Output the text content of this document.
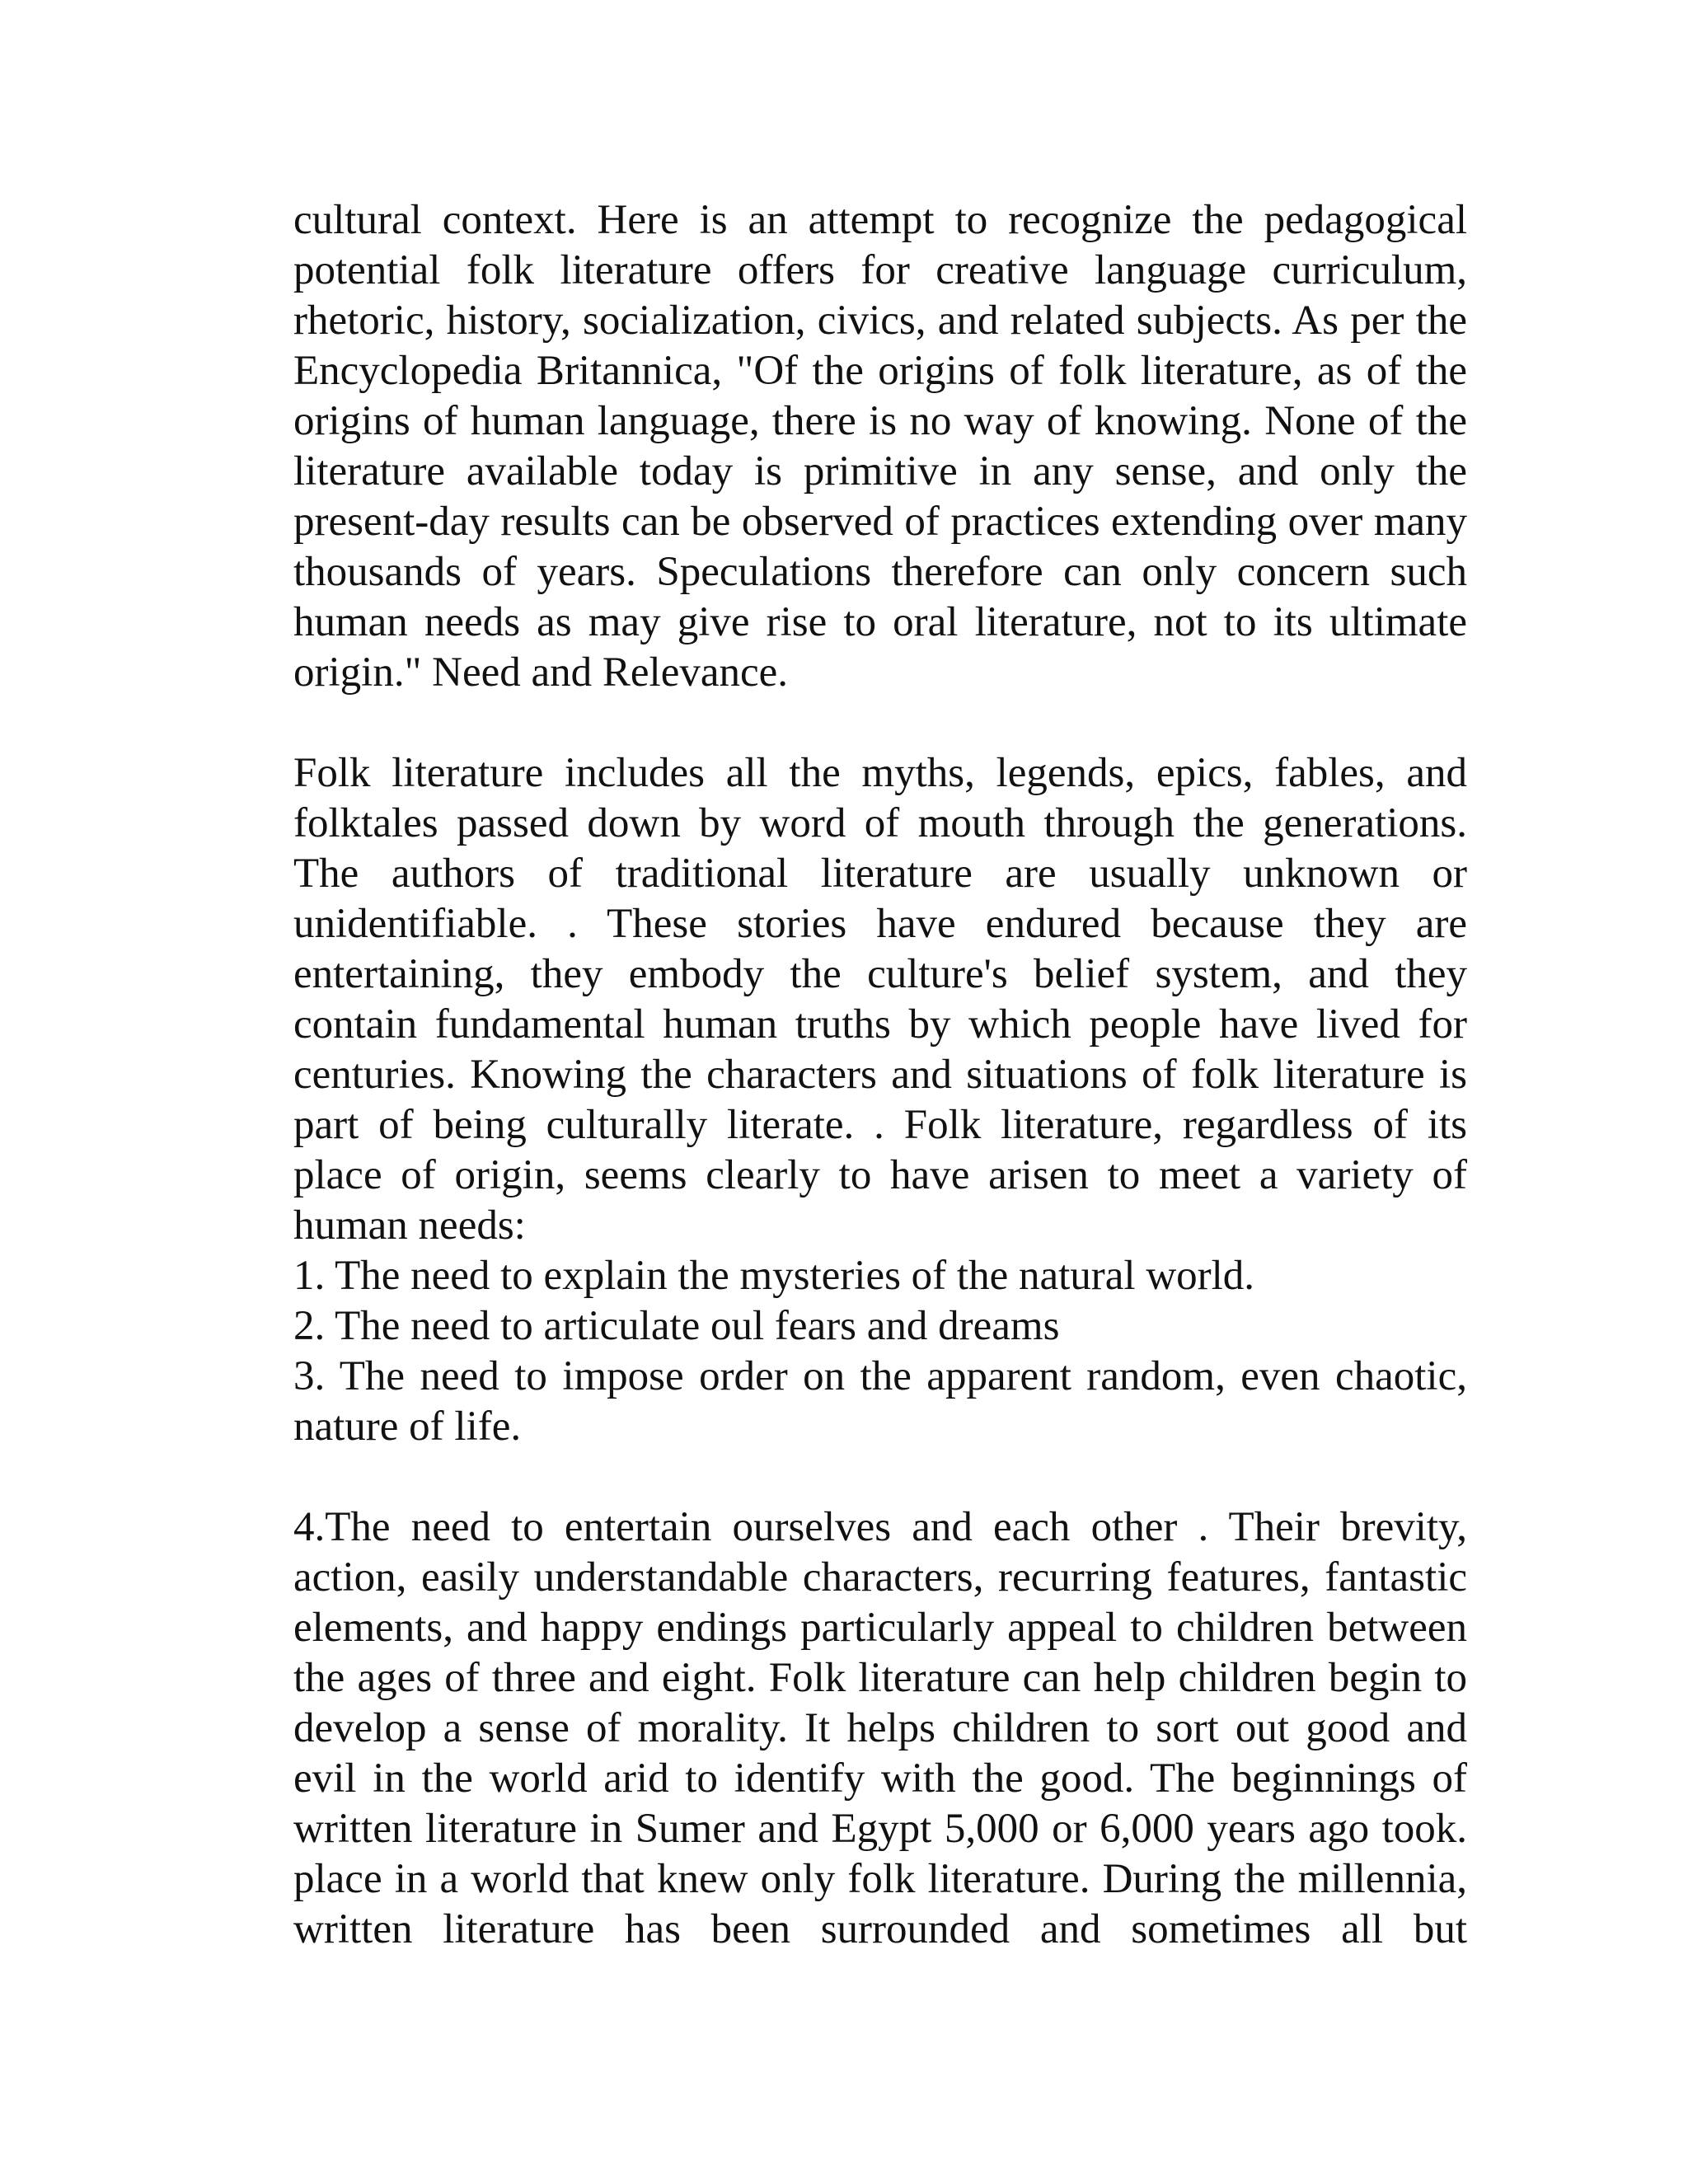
cultural context. Here is an attempt to recognize the pedagogical potential folk literature offers for creative language curriculum, rhetoric, history, socialization, civics, and related subjects. As per the Encyclopedia Britannica, "Of the origins of folk literature, as of the origins of human language, there is no way of knowing. None of the literature available today is primitive in any sense, and only the present-day results can be observed of practices extending over many thousands of years. Speculations therefore can only concern such human needs as may give rise to oral literature, not to its ultimate origin." Need and Relevance.

Folk literature includes all the myths, legends, epics, fables, and folktales passed down by word of mouth through the generations. The authors of traditional literature are usually unknown or unidentifiable. . These stories have endured because they are entertaining, they embody the culture's belief system, and they contain fundamental human truths by which people have lived for centuries. Knowing the characters and situations of folk literature is part of being culturally literate. . Folk literature, regardless of its place of origin, seems clearly to have arisen to meet a variety of human needs:

1. The need to explain the mysteries of the natural world.

2. The need to articulate oul fears and dreams

3. The need to impose order on the apparent random, even chaotic, nature of life.

4.The need to entertain ourselves and each other . Their brevity, action, easily understandable characters, recurring features, fantastic elements, and happy endings particularly appeal to children between the ages of three and eight. Folk literature can help children begin to develop a sense of morality. It helps children to sort out good and evil in the world arid to identify with the good. The beginnings of written literature in Sumer and Egypt 5,000 or 6,000 years ago took. place in a world that knew only folk literature. During the millennia, written literature has been surrounded and sometimes all but
